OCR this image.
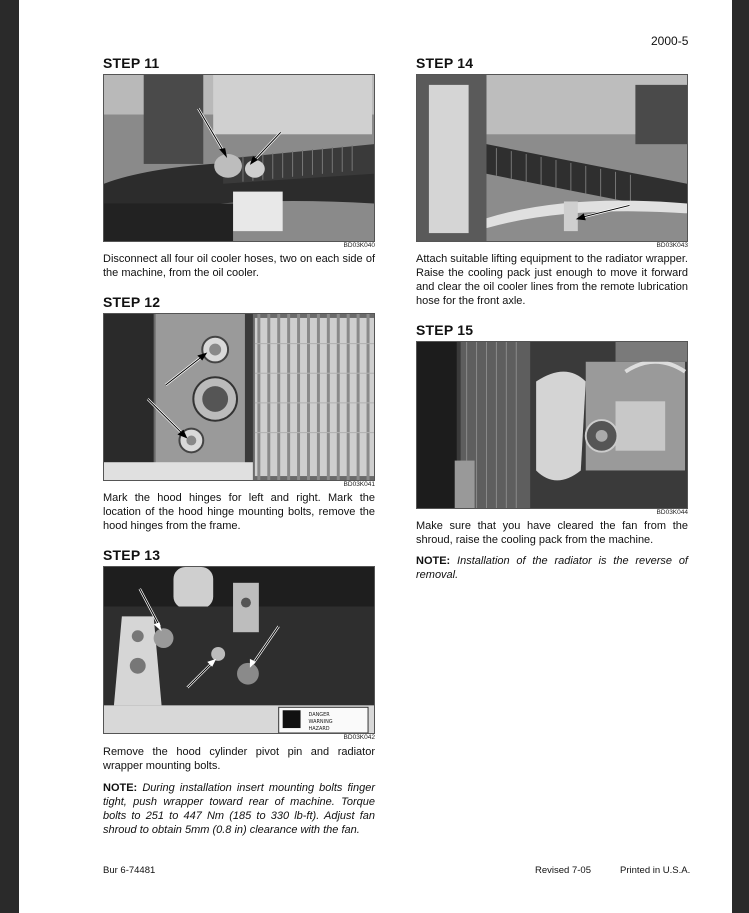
2000-5
STEP 11
BD03K040
Disconnect all four oil cooler hoses, two on each side of the machine, from the oil cooler.
STEP 12
BD03K041
Mark the hood hinges for left and right. Mark the location of the hood hinge mounting bolts, remove the hood hinges from the frame.
STEP 13
DANGER
WARNING
HAZARD
BD03K042
Remove the hood cylinder pivot pin and radiator wrapper mounting bolts.
NOTE: During installation insert mounting bolts finger tight, push wrapper toward rear of machine. Torque bolts to 251 to 447 Nm (185 to 330 lb-ft). Adjust fan shroud to obtain 5mm (0.8 in) clearance with the fan.
STEP 14
BD03K043
Attach suitable lifting equipment to the radiator wrapper. Raise the cooling pack just enough to move it forward and clear the oil cooler lines from the remote lubrication hose for the front axle.
STEP 15
BD03K044
Make sure that you have cleared the fan from the shroud, raise the cooling pack from the machine.
NOTE: Installation of the radiator is the reverse of removal.
Bur 6-74481	Revised 7-05	Printed in U.S.A.
